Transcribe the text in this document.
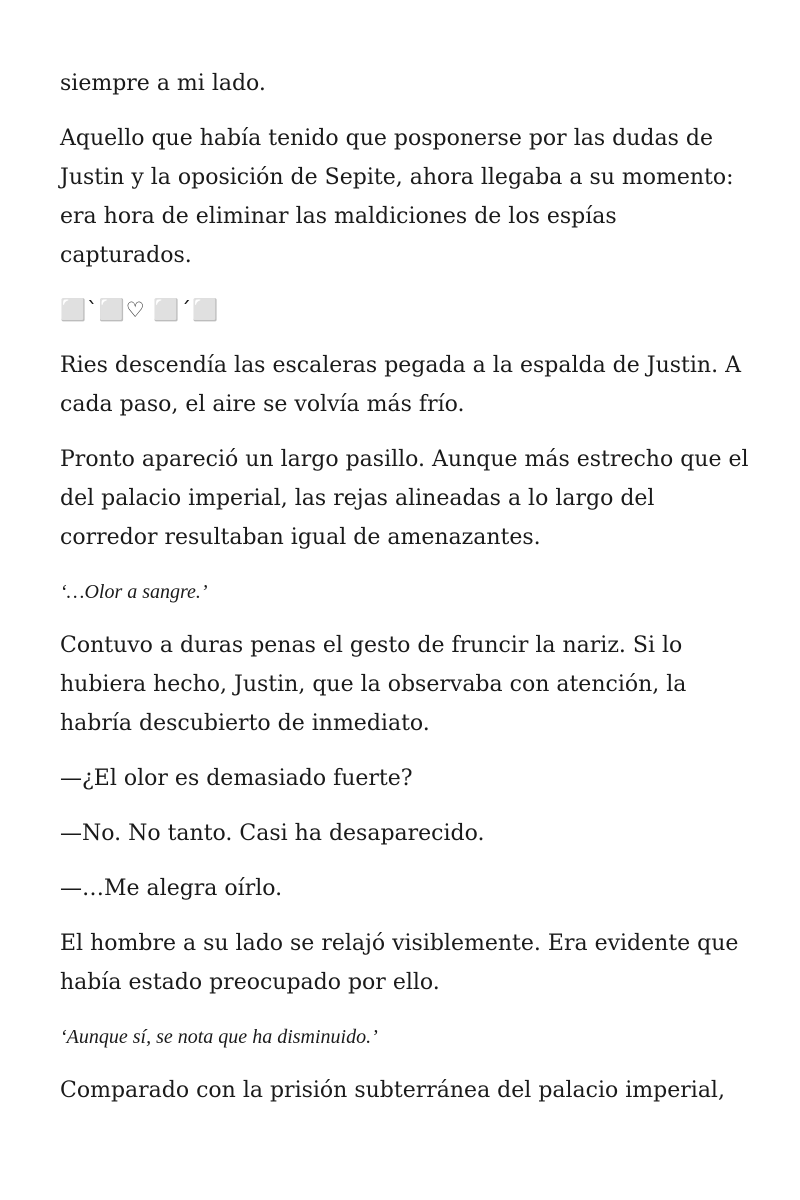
siempre a mi lado.

Aquello que había tenido que posponerse por las dudas de Justin y la oposición de Sepite, ahora llegaba a su momento: era hora de eliminar las maldiciones de los espías capturados.

⬜`⬜♡ ⬜´⬜

Ries descendía las escaleras pegada a la espalda de Justin. A cada paso, el aire se volvía más frío.

Pronto apareció un largo pasillo. Aunque más estrecho que el del palacio imperial, las rejas alineadas a lo largo del corredor resultaban igual de amenazantes.

‘…Olor a sangre.’

Contuvo a duras penas el gesto de fruncir la nariz. Si lo hubiera hecho, Justin, que la observaba con atención, la habría descubierto de inmediato.

—¿El olor es demasiado fuerte?

—No. No tanto. Casi ha desaparecido.

—…Me alegra oírlo.

El hombre a su lado se relajó visiblemente. Era evidente que había estado preocupado por ello.

‘Aunque sí, se nota que ha disminuido.’

Comparado con la prisión subterránea del palacio imperial,
